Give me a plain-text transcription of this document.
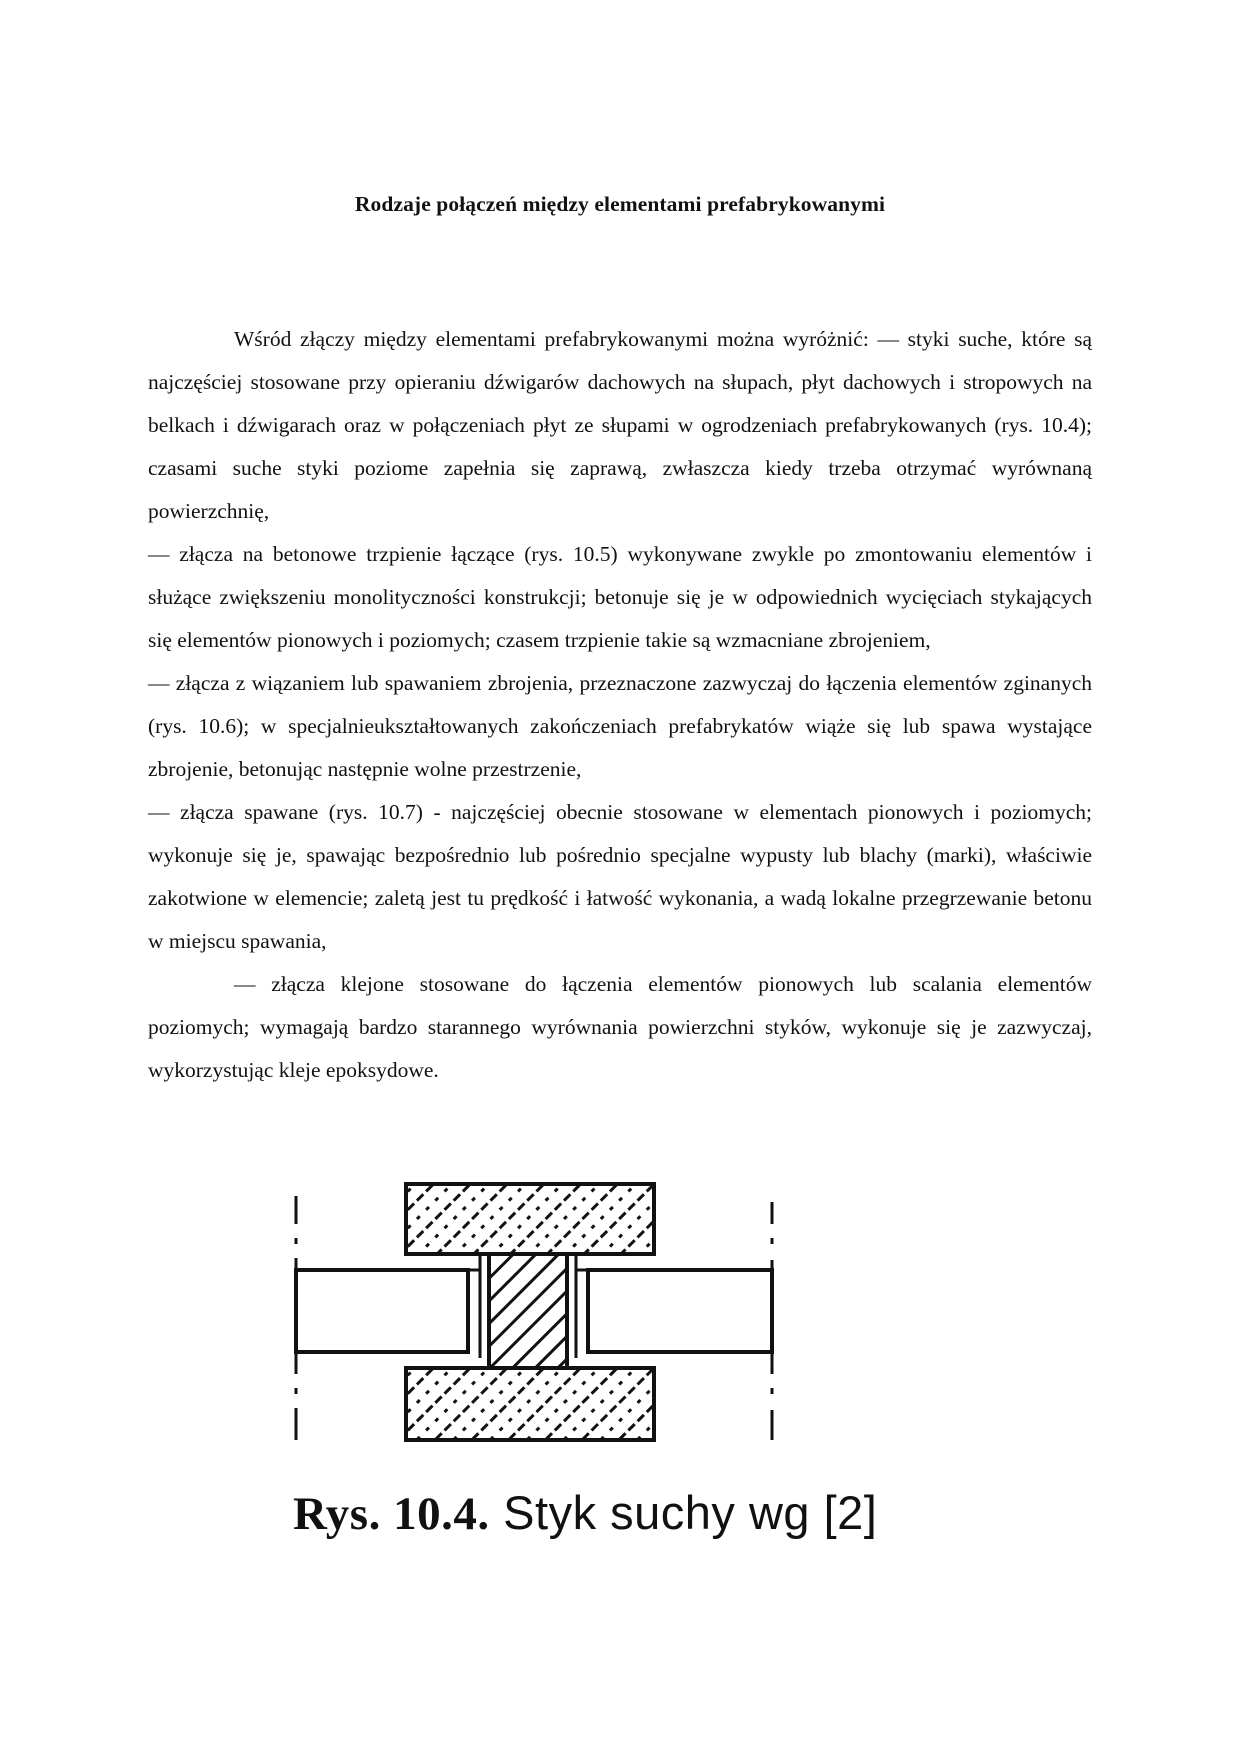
Rodzaje połączeń między elementami prefabrykowanymi

Wśród złączy między elementami prefabrykowanymi można wyróżnić: — styki suche, które są najczęściej stosowane przy opieraniu dźwigarów dachowych na słupach, płyt dachowych i stropowych na belkach i dźwigarach oraz w połączeniach płyt ze słupami w ogrodzeniach prefabrykowanych (rys. 10.4); czasami suche styki poziome zapełnia się zaprawą, zwłaszcza kiedy trzeba otrzymać wyrównaną powierzchnię,

— złącza na betonowe trzpienie łączące (rys. 10.5) wykonywane zwykle po zmontowaniu elementów i służące zwiększeniu monolityczności konstrukcji; betonuje się je w odpowiednich wycięciach stykających się elementów pionowych i poziomych; czasem trzpienie takie są wzmacniane zbrojeniem,

— złącza z wiązaniem lub spawaniem zbrojenia, przeznaczone zazwyczaj do łączenia elementów zginanych (rys. 10.6); w specjalnieukształtowanych zakończeniach prefabrykatów wiąże się lub spawa wystające zbrojenie, betonując następnie wolne przestrzenie,

— złącza spawane (rys. 10.7) - najczęściej obecnie stosowane w elementach pionowych i poziomych; wykonuje się je, spawając bezpośrednio lub pośrednio specjalne wypusty lub blachy (marki), właściwie zakotwione w elemencie; zaletą jest tu prędkość i łatwość wykonania, a wadą lokalne przegrzewanie betonu w miejscu spawania,

— złącza klejone stosowane do łączenia elementów pionowych lub scalania elementów poziomych; wymagają bardzo starannego wyrównania powierzchni styków, wykonuje się je zazwyczaj, wykorzystując kleje epoksydowe.

Rys. 10.4. Styk suchy wg [2]
